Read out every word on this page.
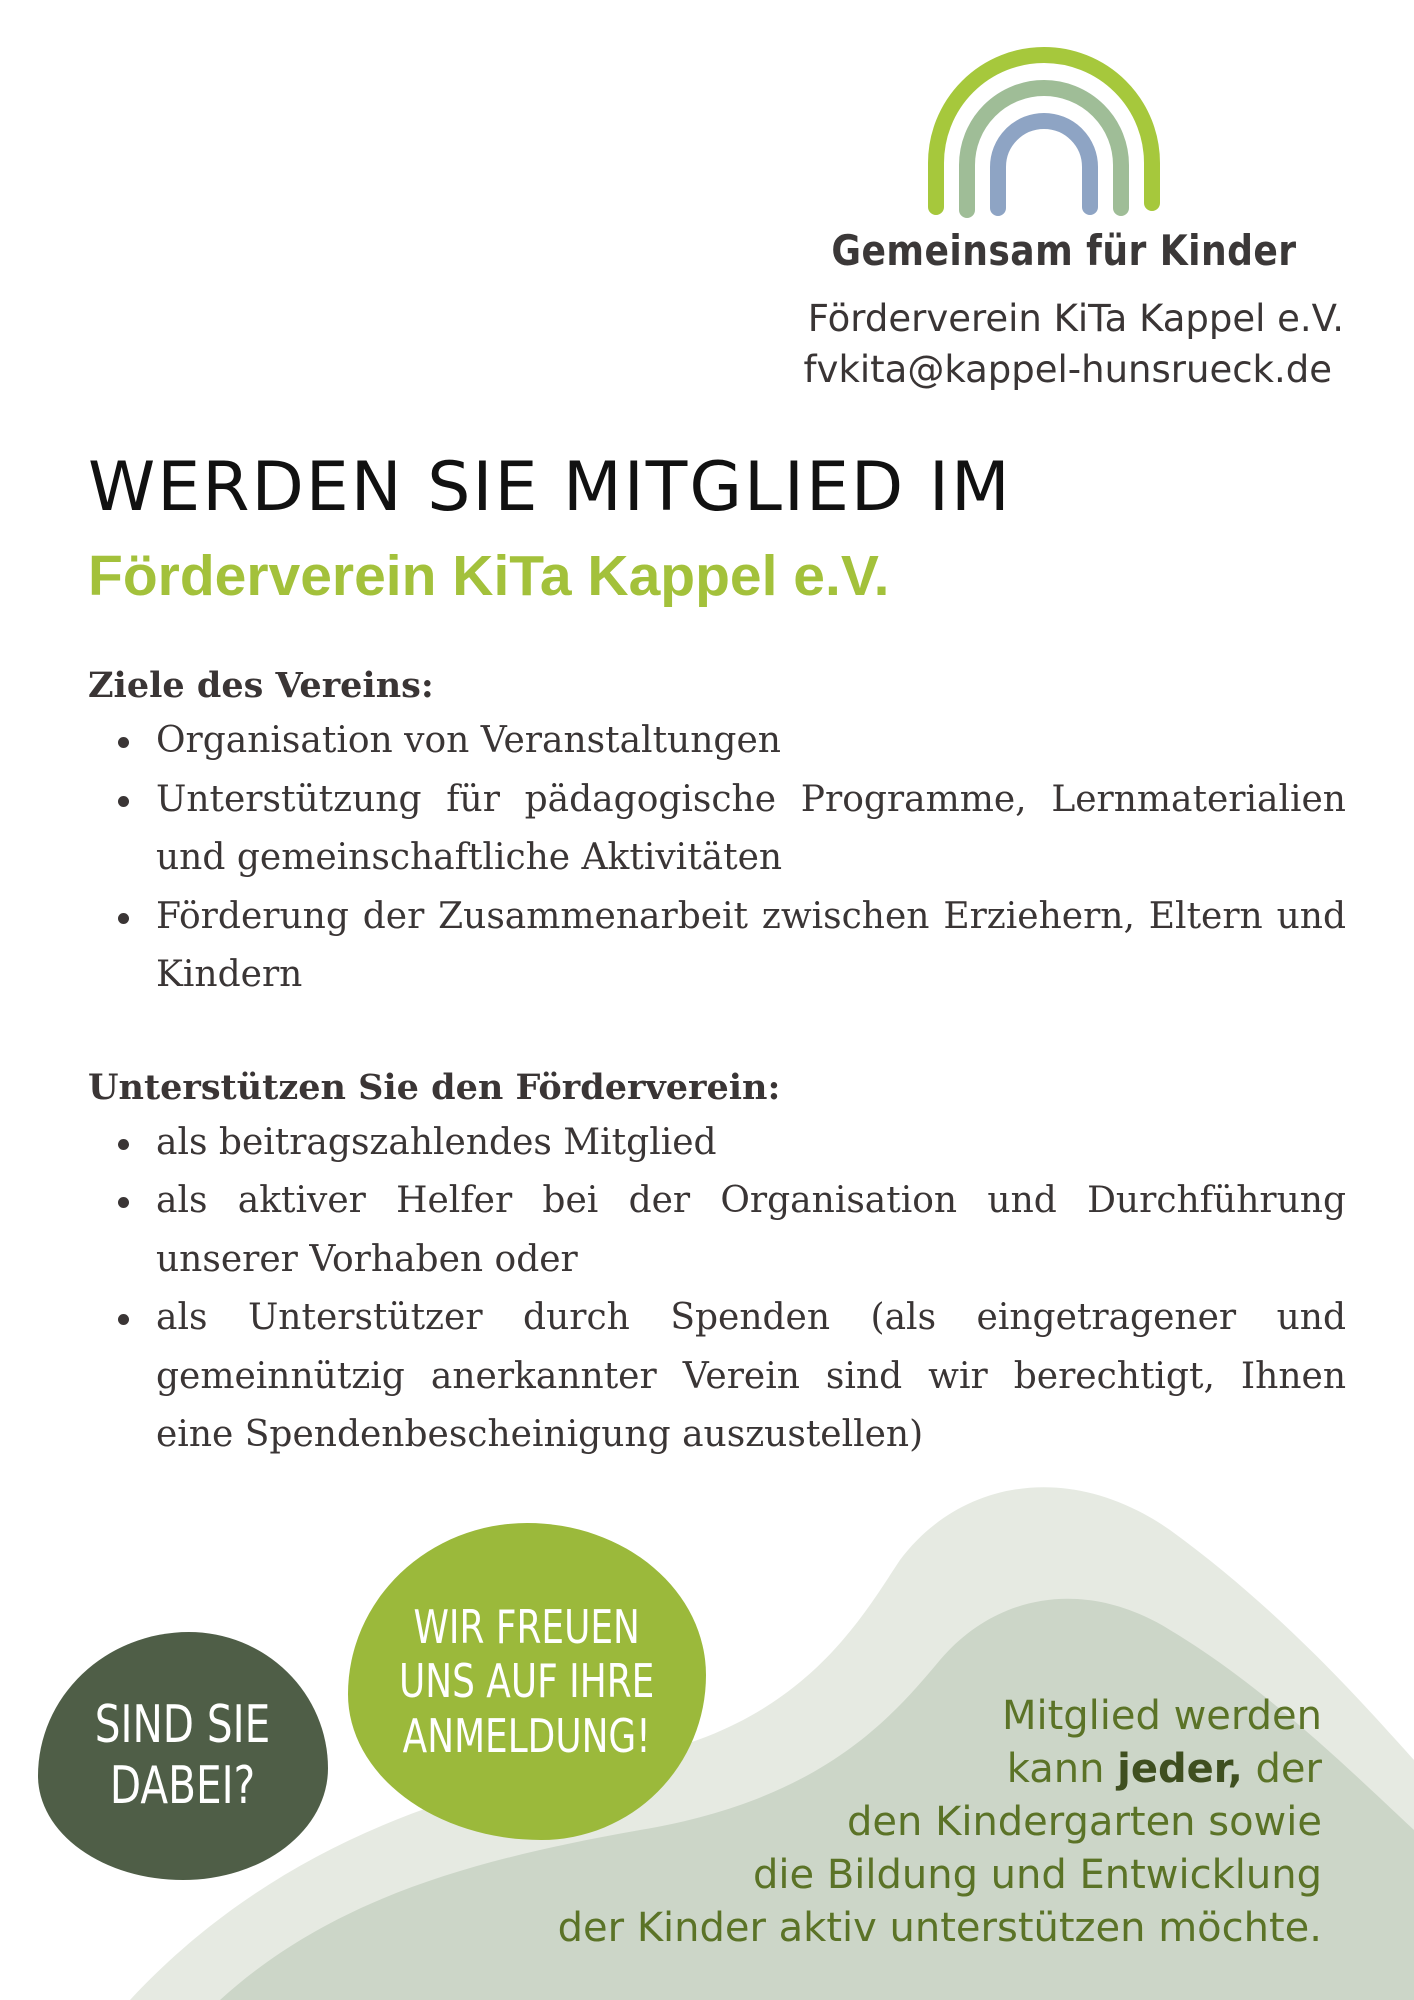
Gemeinsam für Kinder
Förderverein KiTa Kappel e.V.
fvkita@kappel-hunsrueck.de
WERDEN SIE MITGLIED IM
Förderverein KiTa Kappel e.V.
Ziele des Vereins:
Organisation von Veranstaltungen
Unterstützung für pädagogische Programme, Lernmaterialien und gemeinschaftliche Aktivitäten
Förderung der Zusammenarbeit zwischen Erziehern, Eltern und Kindern
Unterstützen Sie den Förderverein:
als beitragszahlendes Mitglied
als aktiver Helfer bei der Organisation und Durchführung unserer Vorhaben oder
als Unterstützer durch Spenden (als eingetragener und gemeinnützig anerkannter Verein sind wir berechtigt, Ihnen eine Spendenbescheinigung auszustellen)
SIND SIE
DABEI?
WIR FREUEN
UNS AUF IHRE
ANMELDUNG!	Mitglied werden
kann jeder, der
den Kindergarten sowie
die Bildung und Entwicklung
der Kinder aktiv unterstützen möchte.
